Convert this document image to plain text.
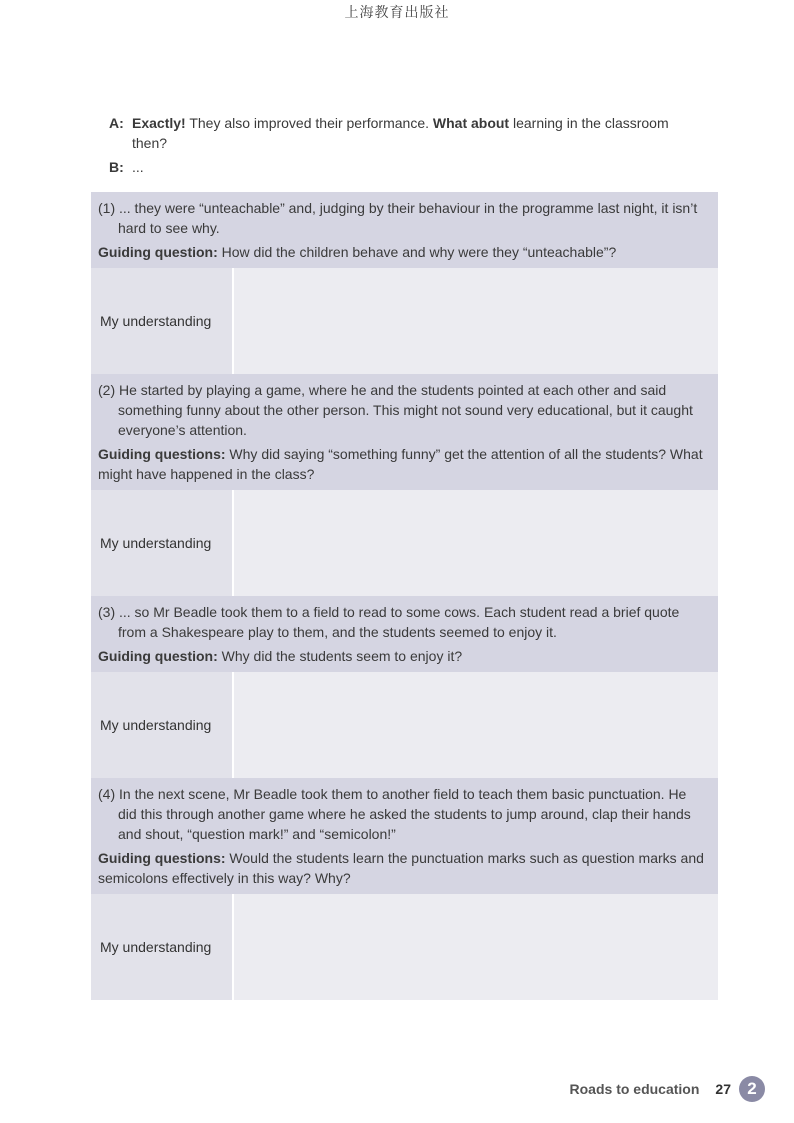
上海教育出版社
A: Exactly! They also improved their performance. What about learning in the classroom then?
B: ...
(1) ... they were “unteachable” and, judging by their behaviour in the programme last night, it isn’t hard to see why.
Guiding question: How did the children behave and why were they “unteachable”?
My understanding
(2) He started by playing a game, where he and the students pointed at each other and said something funny about the other person. This might not sound very educational, but it caught everyone’s attention.
Guiding questions: Why did saying “something funny” get the attention of all the students? What might have happened in the class?
My understanding
(3) ... so Mr Beadle took them to a field to read to some cows. Each student read a brief quote from a Shakespeare play to them, and the students seemed to enjoy it.
Guiding question: Why did the students seem to enjoy it?
My understanding
(4) In the next scene, Mr Beadle took them to another field to teach them basic punctuation. He did this through another game where he asked the students to jump around, clap their hands and shout, “question mark!” and “semicolon!”
Guiding questions: Would the students learn the punctuation marks such as question marks and semicolons effectively in this way? Why?
My understanding
Roads to education 27 2
